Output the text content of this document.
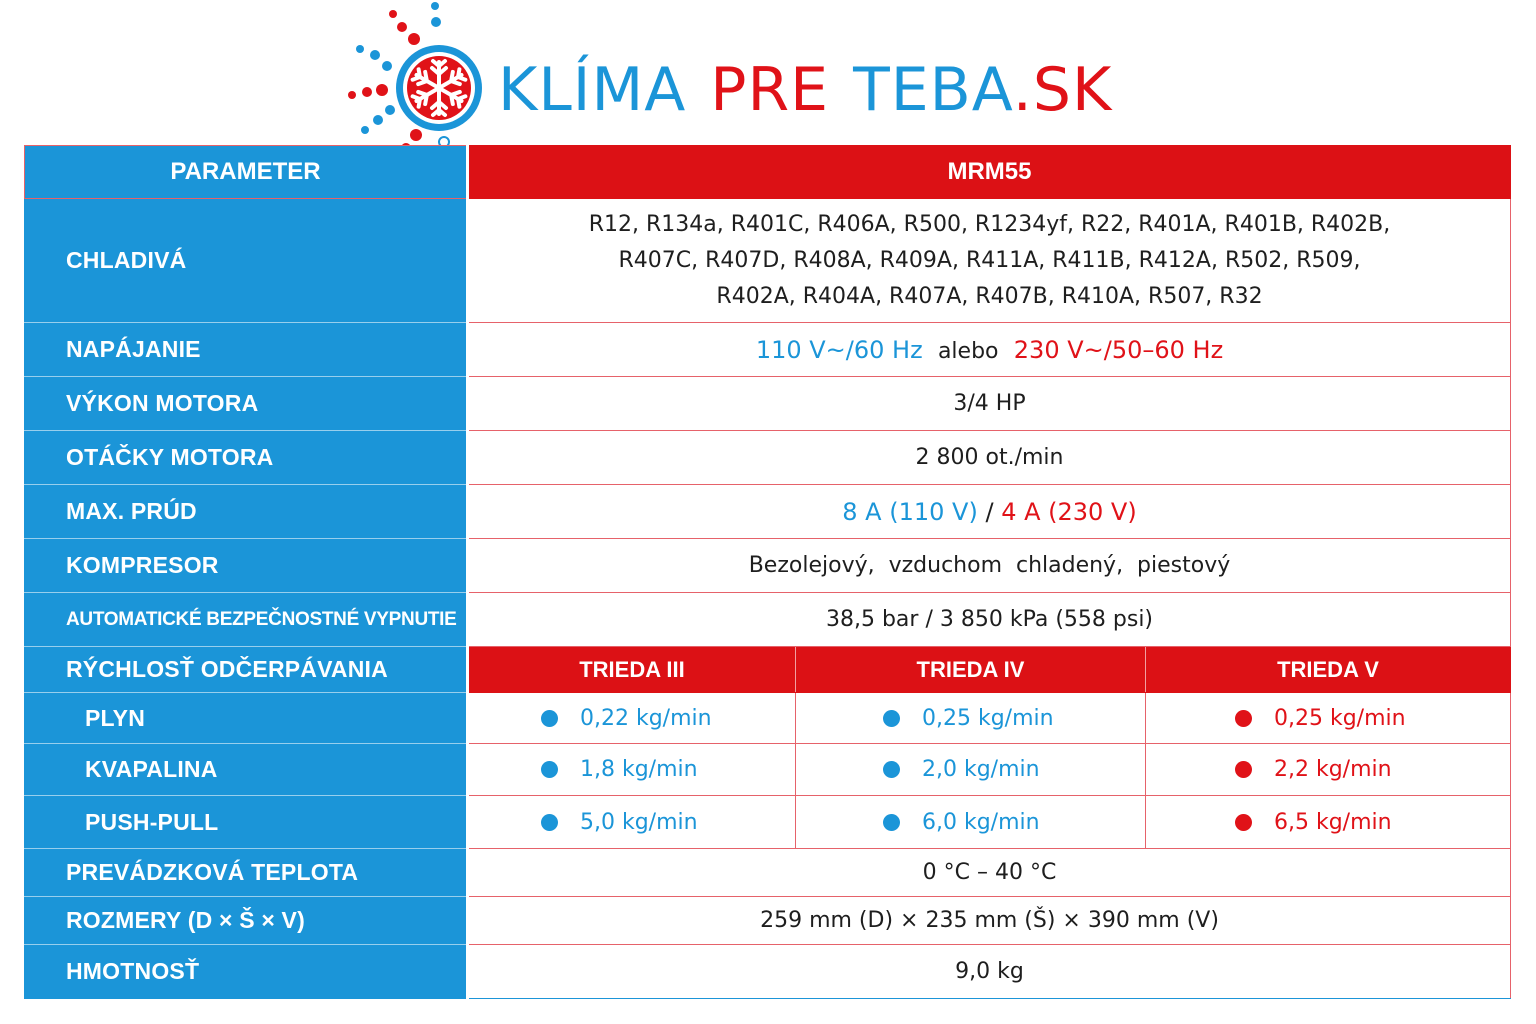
KLÍMA PRE TEBA.SK
PARAMETER	MRM55		
CHLADIVÁ	R12, R134a, R401C, R406A, R500, R1234yf, R22, R401A, R401B, R402B,
R407C, R407D, R408A, R409A, R411A, R411B, R412A, R502, R509,
R402A, R404A, R407A, R407B, R410A, R507, R32		

NAPÁJANIE	110 V~/60 Hz alebo 230 V~/50–60 Hz		
VÝKON MOTORA	3/4 HP		
OTÁČKY MOTORA	2 800 ot./min		
MAX. PRÚD	8 A (110 V) / 4 A (230 V)		
KOMPRESOR	Bezolejový,  vzduchom  chladený,  piestový		
AUTOMATICKÉ BEZPEČNOSTNÉ VYPNUTIE	38,5 bar / 3 850 kPa (558 psi)		
RÝCHLOSŤ ODČERPÁVANIA	TRIEDA III	TRIEDA IV	TRIEDA V
PLYN	0,22 kg/min	0,25 kg/min	0,25 kg/min

KVAPALINA	1,8 kg/min	2,0 kg/min	2,2 kg/min

PUSH-PULL	5,0 kg/min	6,0 kg/min	6,5 kg/min

PREVÁDZKOVÁ TEPLOTA	0 °C – 40 °C		
ROZMERY (D × Š × V)	259 mm (D) × 235 mm (Š) × 390 mm (V)		
HMOTNOSŤ	9,0 kg		
